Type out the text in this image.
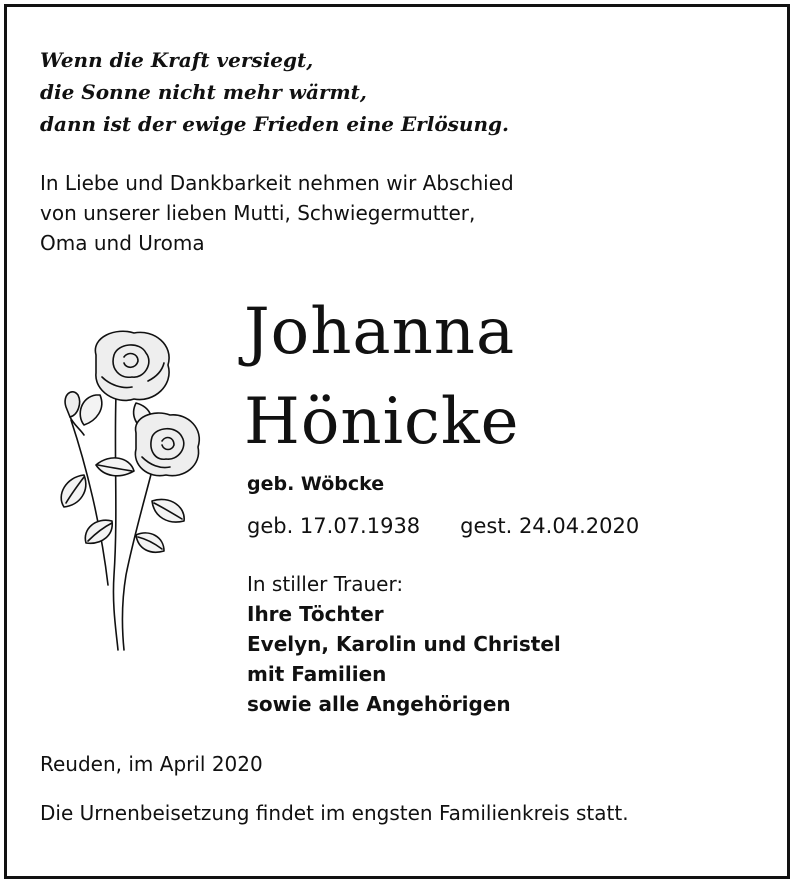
Wenn die Kraft versiegt,
die Sonne nicht mehr wärmt,
dann ist der ewige Frieden eine Erlösung.
In Liebe und Dankbarkeit nehmen wir Abschied
von unserer lieben Mutti, Schwiegermutter,
Oma und Uroma
Johanna
Hönicke
geb. Wöbcke
geb. 17.07.1938 gest. 24.04.2020
In stiller Trauer:
Ihre Töchter
Evelyn, Karolin und Christel
mit Familien
sowie alle Angehörigen
Reuden, im April 2020
Die Urnenbeisetzung findet im engsten Familienkreis statt.
